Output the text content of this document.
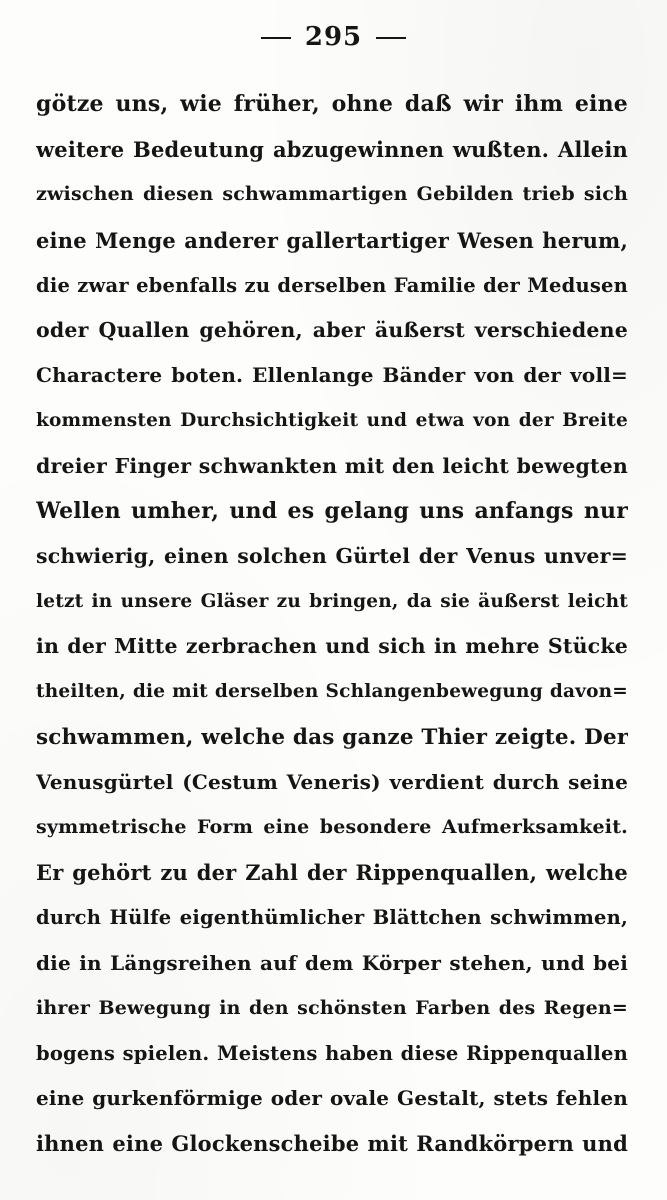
295
götze uns, wie früher, ohne daß wir ihm eine
weitere Bedeutung abzugewinnen wußten. Allein
zwischen diesen schwammartigen Gebilden trieb sich
eine Menge anderer gallertartiger Wesen herum,
die zwar ebenfalls zu derselben Familie der Medusen
oder Quallen gehören, aber äußerst verschiedene
Charactere boten. Ellenlange Bänder von der voll=
kommensten Durchsichtigkeit und etwa von der Breite
dreier Finger schwankten mit den leicht bewegten
Wellen umher, und es gelang uns anfangs nur
schwierig, einen solchen Gürtel der Venus unver=
letzt in unsere Gläser zu bringen, da sie äußerst leicht
in der Mitte zerbrachen und sich in mehre Stücke
theilten, die mit derselben Schlangenbewegung davon=
schwammen, welche das ganze Thier zeigte. Der
Venusgürtel (Cestum Veneris) verdient durch seine
symmetrische Form eine besondere Aufmerksamkeit.
Er gehört zu der Zahl der Rippenquallen, welche
durch Hülfe eigenthümlicher Blättchen schwimmen,
die in Längsreihen auf dem Körper stehen, und bei
ihrer Bewegung in den schönsten Farben des Regen=
bogens spielen. Meistens haben diese Rippenquallen
eine gurkenförmige oder ovale Gestalt, stets fehlen
ihnen eine Glockenscheibe mit Randkörpern und
